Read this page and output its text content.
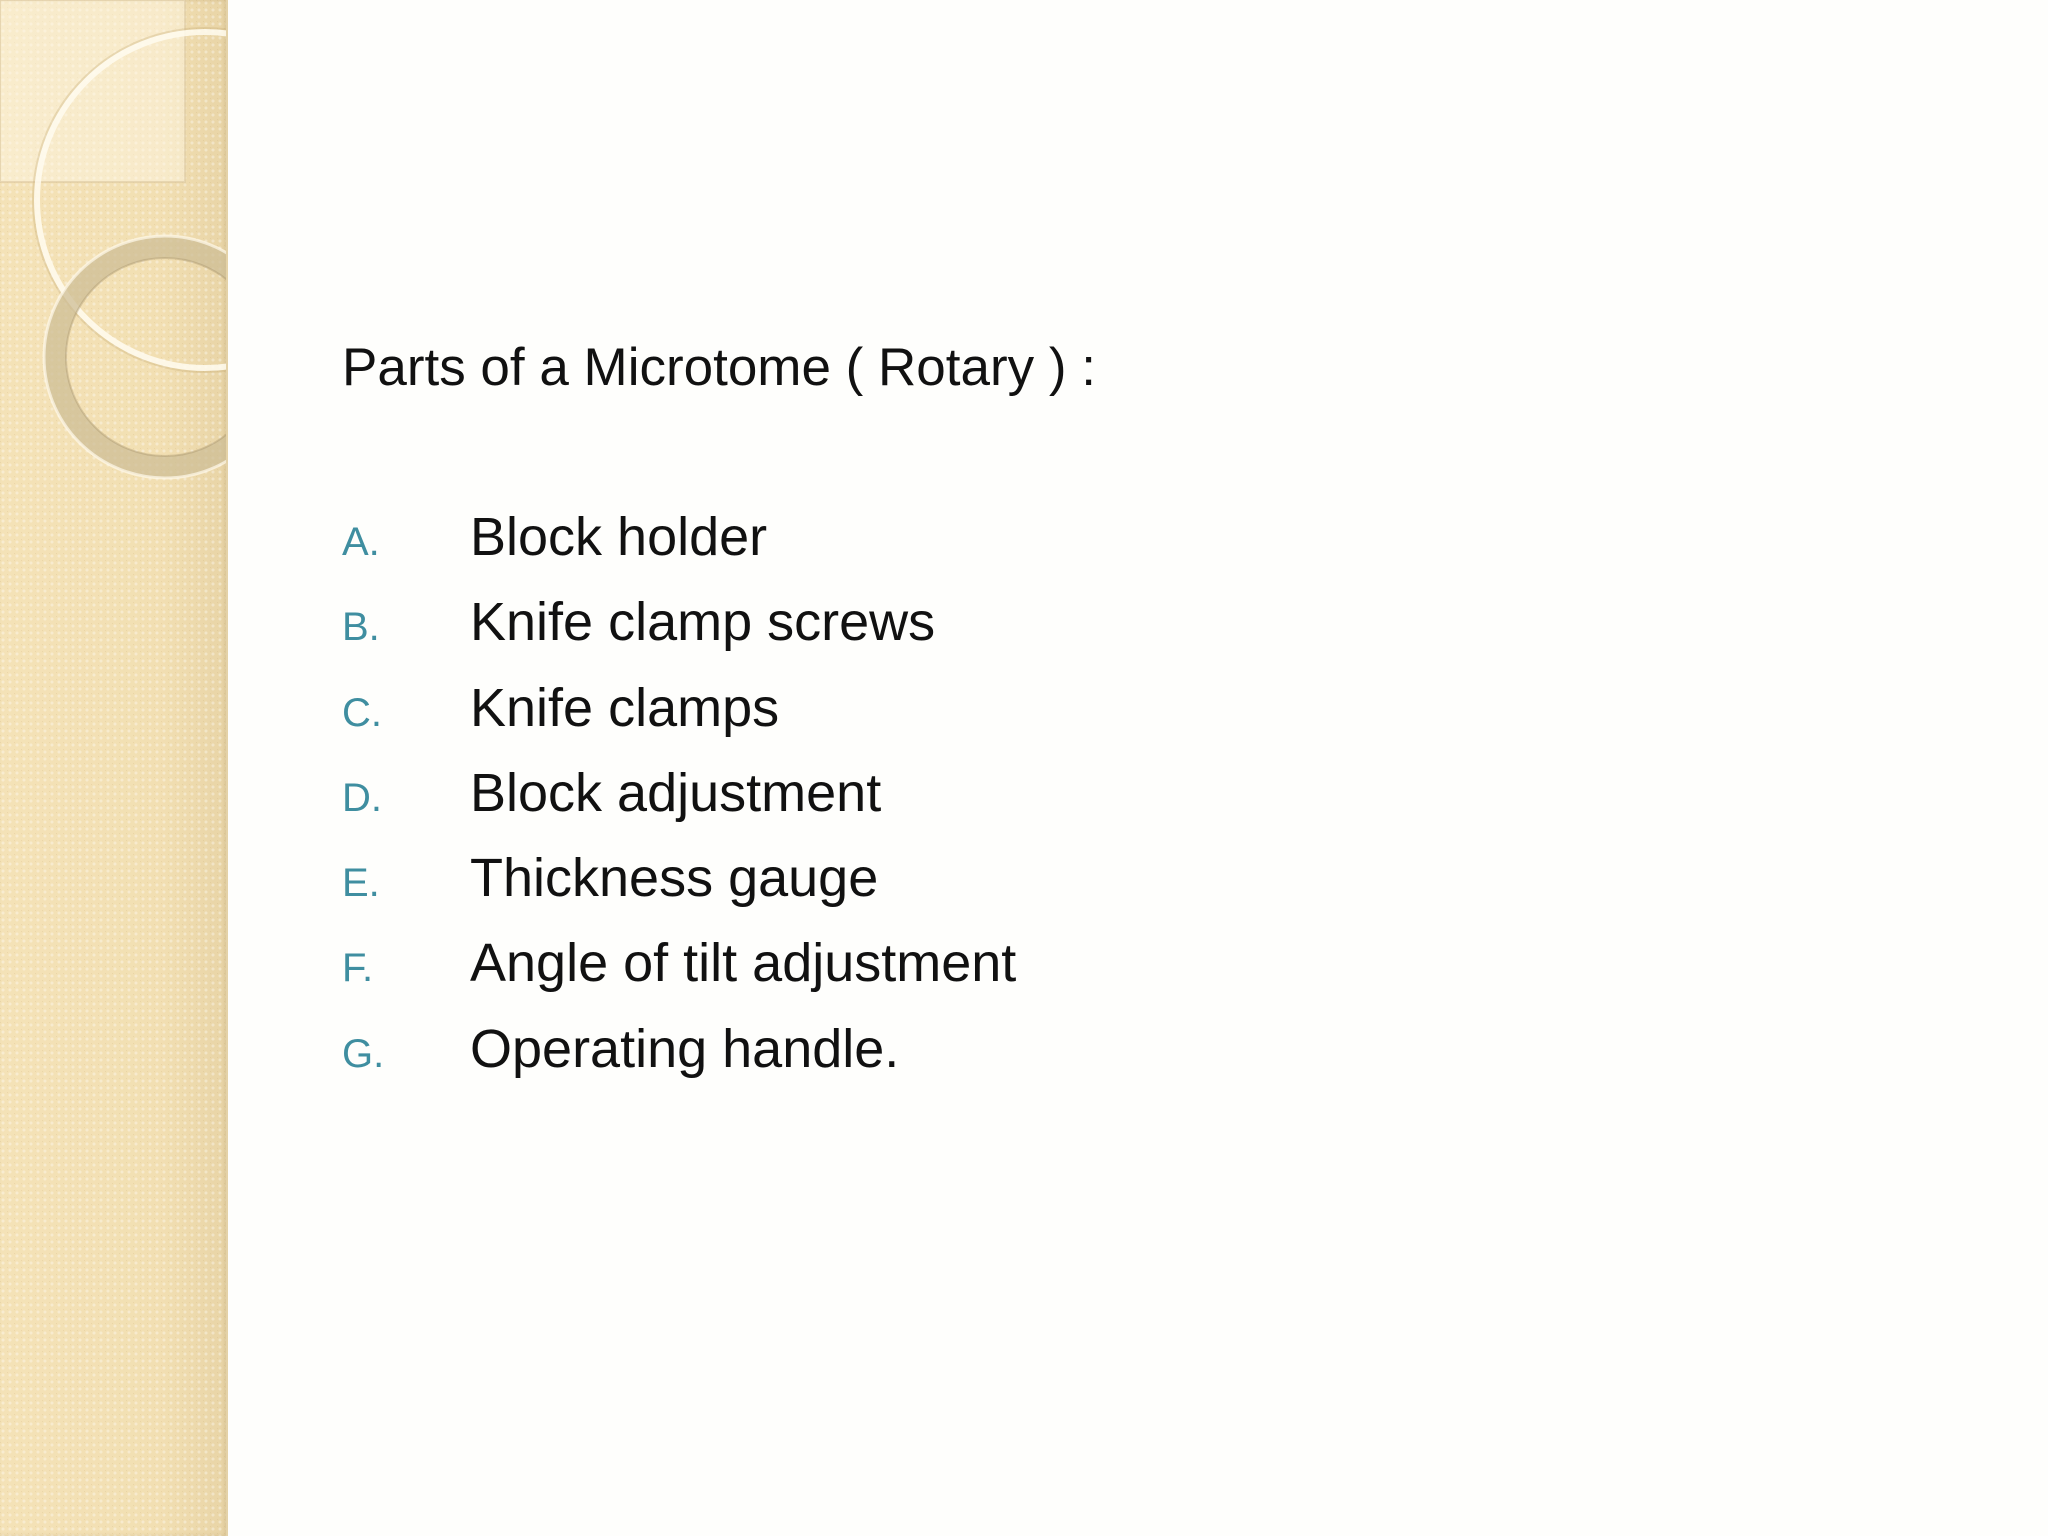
Parts of a Microtome ( Rotary ) :
A.	Block holder
B.	Knife clamp screws
C.	Knife clamps
D.	Block adjustment
E.	Thickness gauge
F.	Angle of tilt adjustment
G.	Operating handle.
